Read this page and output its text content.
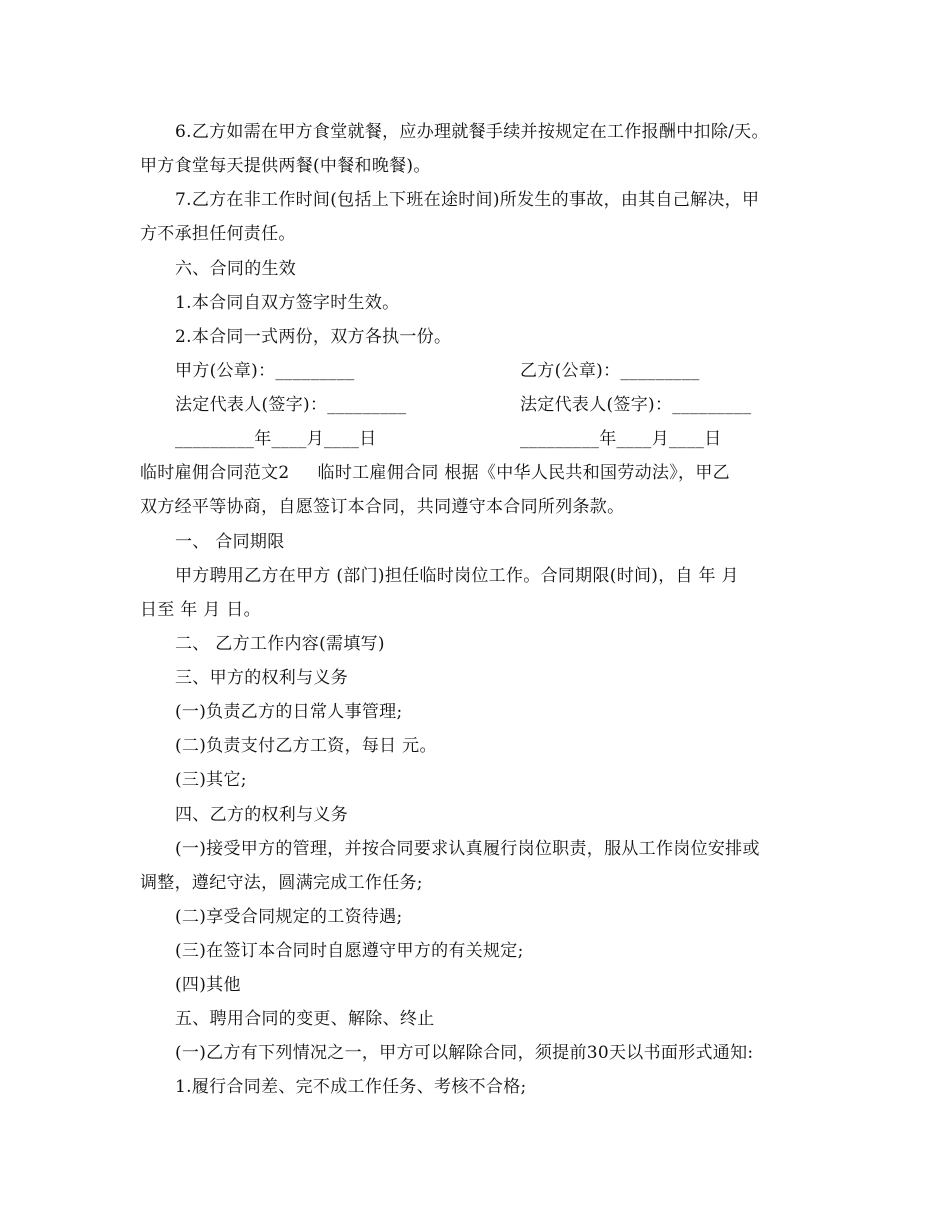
6.乙方如需在甲方食堂就餐，应办理就餐手续并按规定在工作报酬中扣除/天。
甲方食堂每天提供两餐(中餐和晚餐)。
7.乙方在非工作时间(包括上下班在途时间)所发生的事故，由其自己解决，甲
方不承担任何责任。
六、合同的生效
1.本合同自双方签字时生效。
2.本合同一式两份，双方各执一份。
甲方(公章)：_________	乙方(公章)：_________
法定代表人(签字)：_________	法定代表人(签字)：_________
_________年____月____日	_________年____月____日
临时雇佣合同范文2 临时工雇佣合同 根据《中华人民共和国劳动法》，甲乙
双方经平等协商，自愿签订本合同，共同遵守本合同所列条款。
一、 合同期限
甲方聘用乙方在甲方 (部门)担任临时岗位工作。合同期限(时间)，自 年 月
日至 年 月 日。
二、 乙方工作内容(需填写)
三、甲方的权利与义务
(一)负责乙方的日常人事管理;
(二)负责支付乙方工资，每日 元。
(三)其它;
四、乙方的权利与义务
(一)接受甲方的管理，并按合同要求认真履行岗位职责，服从工作岗位安排或
调整，遵纪守法，圆满完成工作任务;
(二)享受合同规定的工资待遇;
(三)在签订本合同时自愿遵守甲方的有关规定;
(四)其他
五、聘用合同的变更、解除、终止
(一)乙方有下列情况之一，甲方可以解除合同，须提前30天以书面形式通知:
1.履行合同差、完不成工作任务、考核不合格;
